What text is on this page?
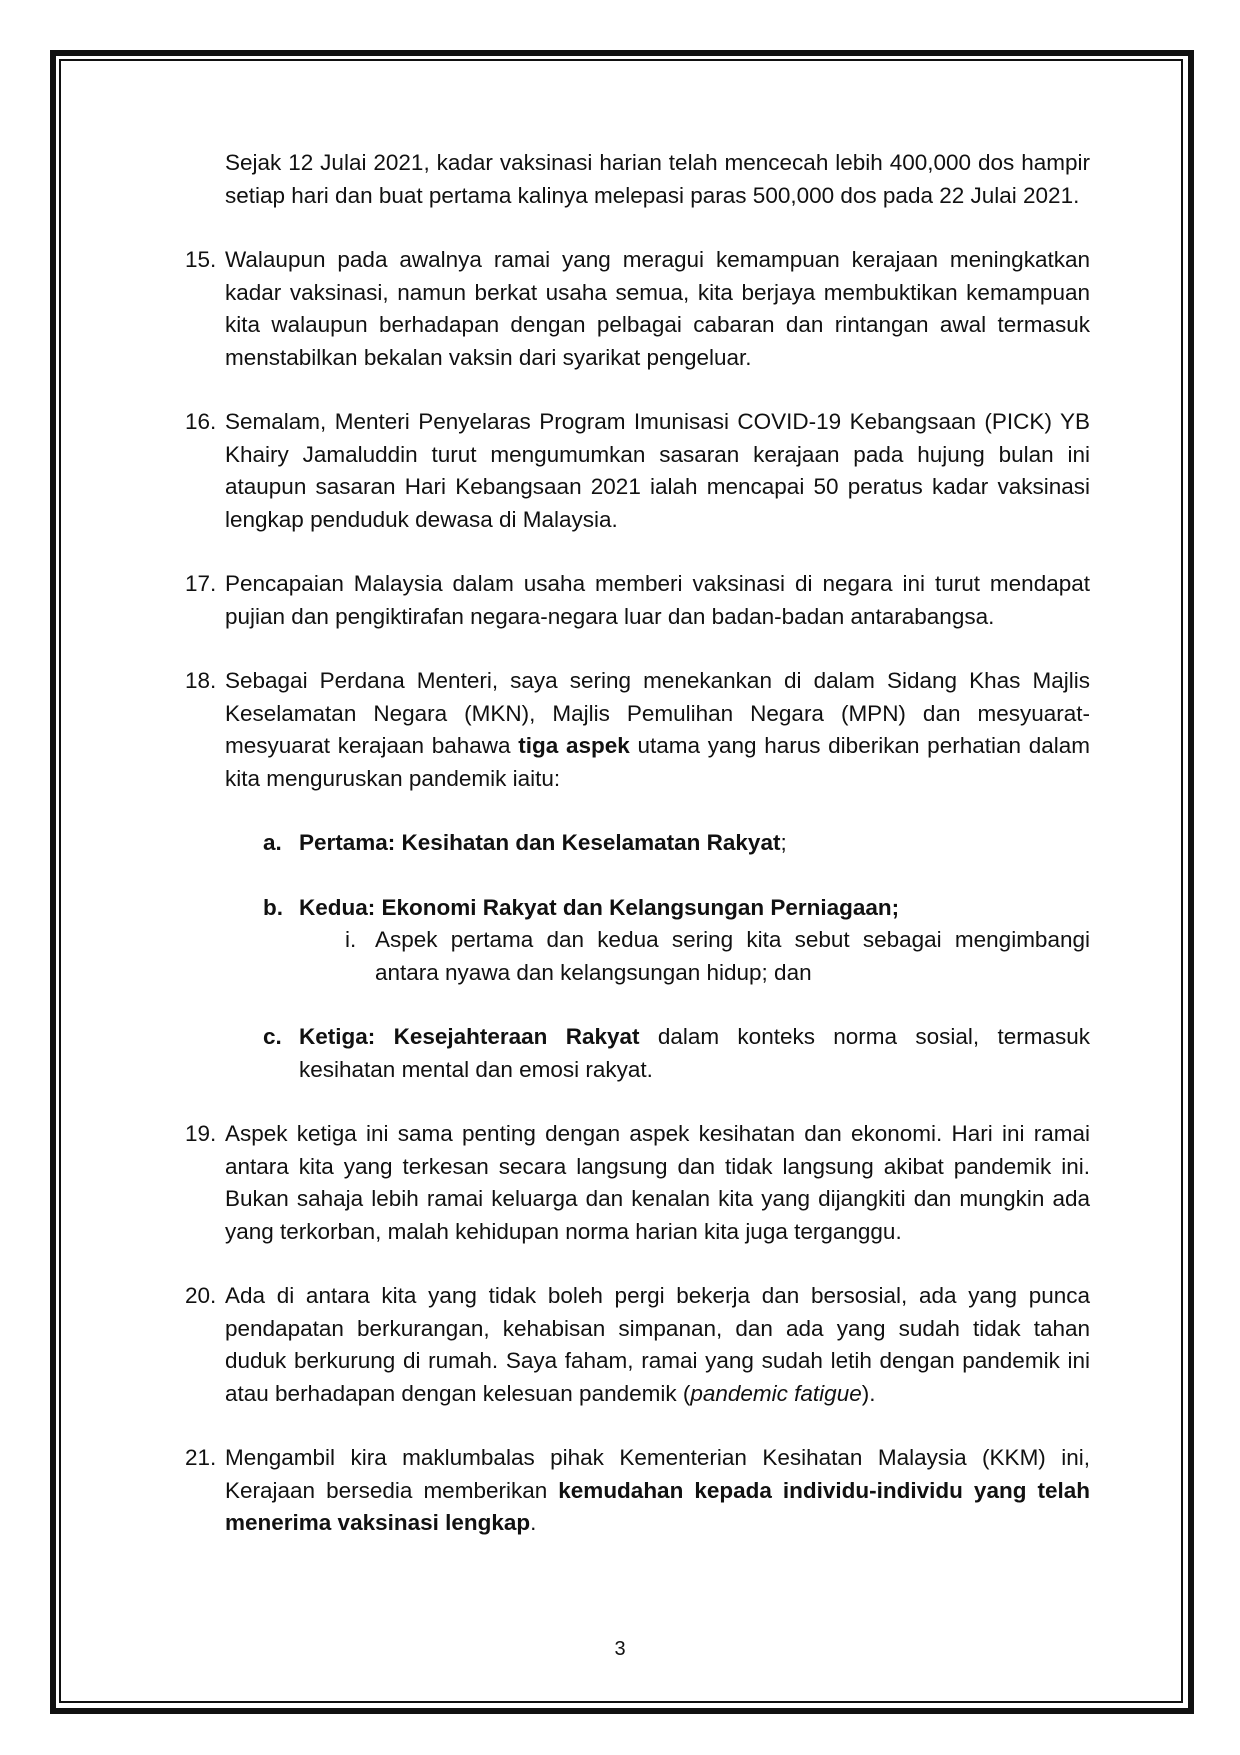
Sejak 12 Julai 2021, kadar vaksinasi harian telah mencecah lebih 400,000 dos hampir setiap hari dan buat pertama kalinya melepasi paras 500,000 dos pada 22 Julai 2021.

15. Walaupun pada awalnya ramai yang meragui kemampuan kerajaan meningkatkan kadar vaksinasi, namun berkat usaha semua, kita berjaya membuktikan kemampuan kita walaupun berhadapan dengan pelbagai cabaran dan rintangan awal termasuk menstabilkan bekalan vaksin dari syarikat pengeluar.

16. Semalam, Menteri Penyelaras Program Imunisasi COVID-19 Kebangsaan (PICK) YB Khairy Jamaluddin turut mengumumkan sasaran kerajaan pada hujung bulan ini ataupun sasaran Hari Kebangsaan 2021 ialah mencapai 50 peratus kadar vaksinasi lengkap penduduk dewasa di Malaysia.

17. Pencapaian Malaysia dalam usaha memberi vaksinasi di negara ini turut mendapat pujian dan pengiktirafan negara-negara luar dan badan-badan antarabangsa.

18. Sebagai Perdana Menteri, saya sering menekankan di dalam Sidang Khas Majlis Keselamatan Negara (MKN), Majlis Pemulihan Negara (MPN) dan mesyuarat-mesyuarat kerajaan bahawa tiga aspek utama yang harus diberikan perhatian dalam kita menguruskan pandemik iaitu:

a. Pertama: Kesihatan dan Keselamatan Rakyat;
b. Kedua: Ekonomi Rakyat dan Kelangsungan Perniagaan;
i. Aspek pertama dan kedua sering kita sebut sebagai mengimbangi antara nyawa dan kelangsungan hidup; dan
c. Ketiga: Kesejahteraan Rakyat dalam konteks norma sosial, termasuk kesihatan mental dan emosi rakyat.

19. Aspek ketiga ini sama penting dengan aspek kesihatan dan ekonomi. Hari ini ramai antara kita yang terkesan secara langsung dan tidak langsung akibat pandemik ini. Bukan sahaja lebih ramai keluarga dan kenalan kita yang dijangkiti dan mungkin ada yang terkorban, malah kehidupan norma harian kita juga terganggu.

20. Ada di antara kita yang tidak boleh pergi bekerja dan bersosial, ada yang punca pendapatan berkurangan, kehabisan simpanan, dan ada yang sudah tidak tahan duduk berkurung di rumah. Saya faham, ramai yang sudah letih dengan pandemik ini atau berhadapan dengan kelesuan pandemik (pandemic fatigue).

21. Mengambil kira maklumbalas pihak Kementerian Kesihatan Malaysia (KKM) ini, Kerajaan bersedia memberikan kemudahan kepada individu-individu yang telah menerima vaksinasi lengkap.

3
